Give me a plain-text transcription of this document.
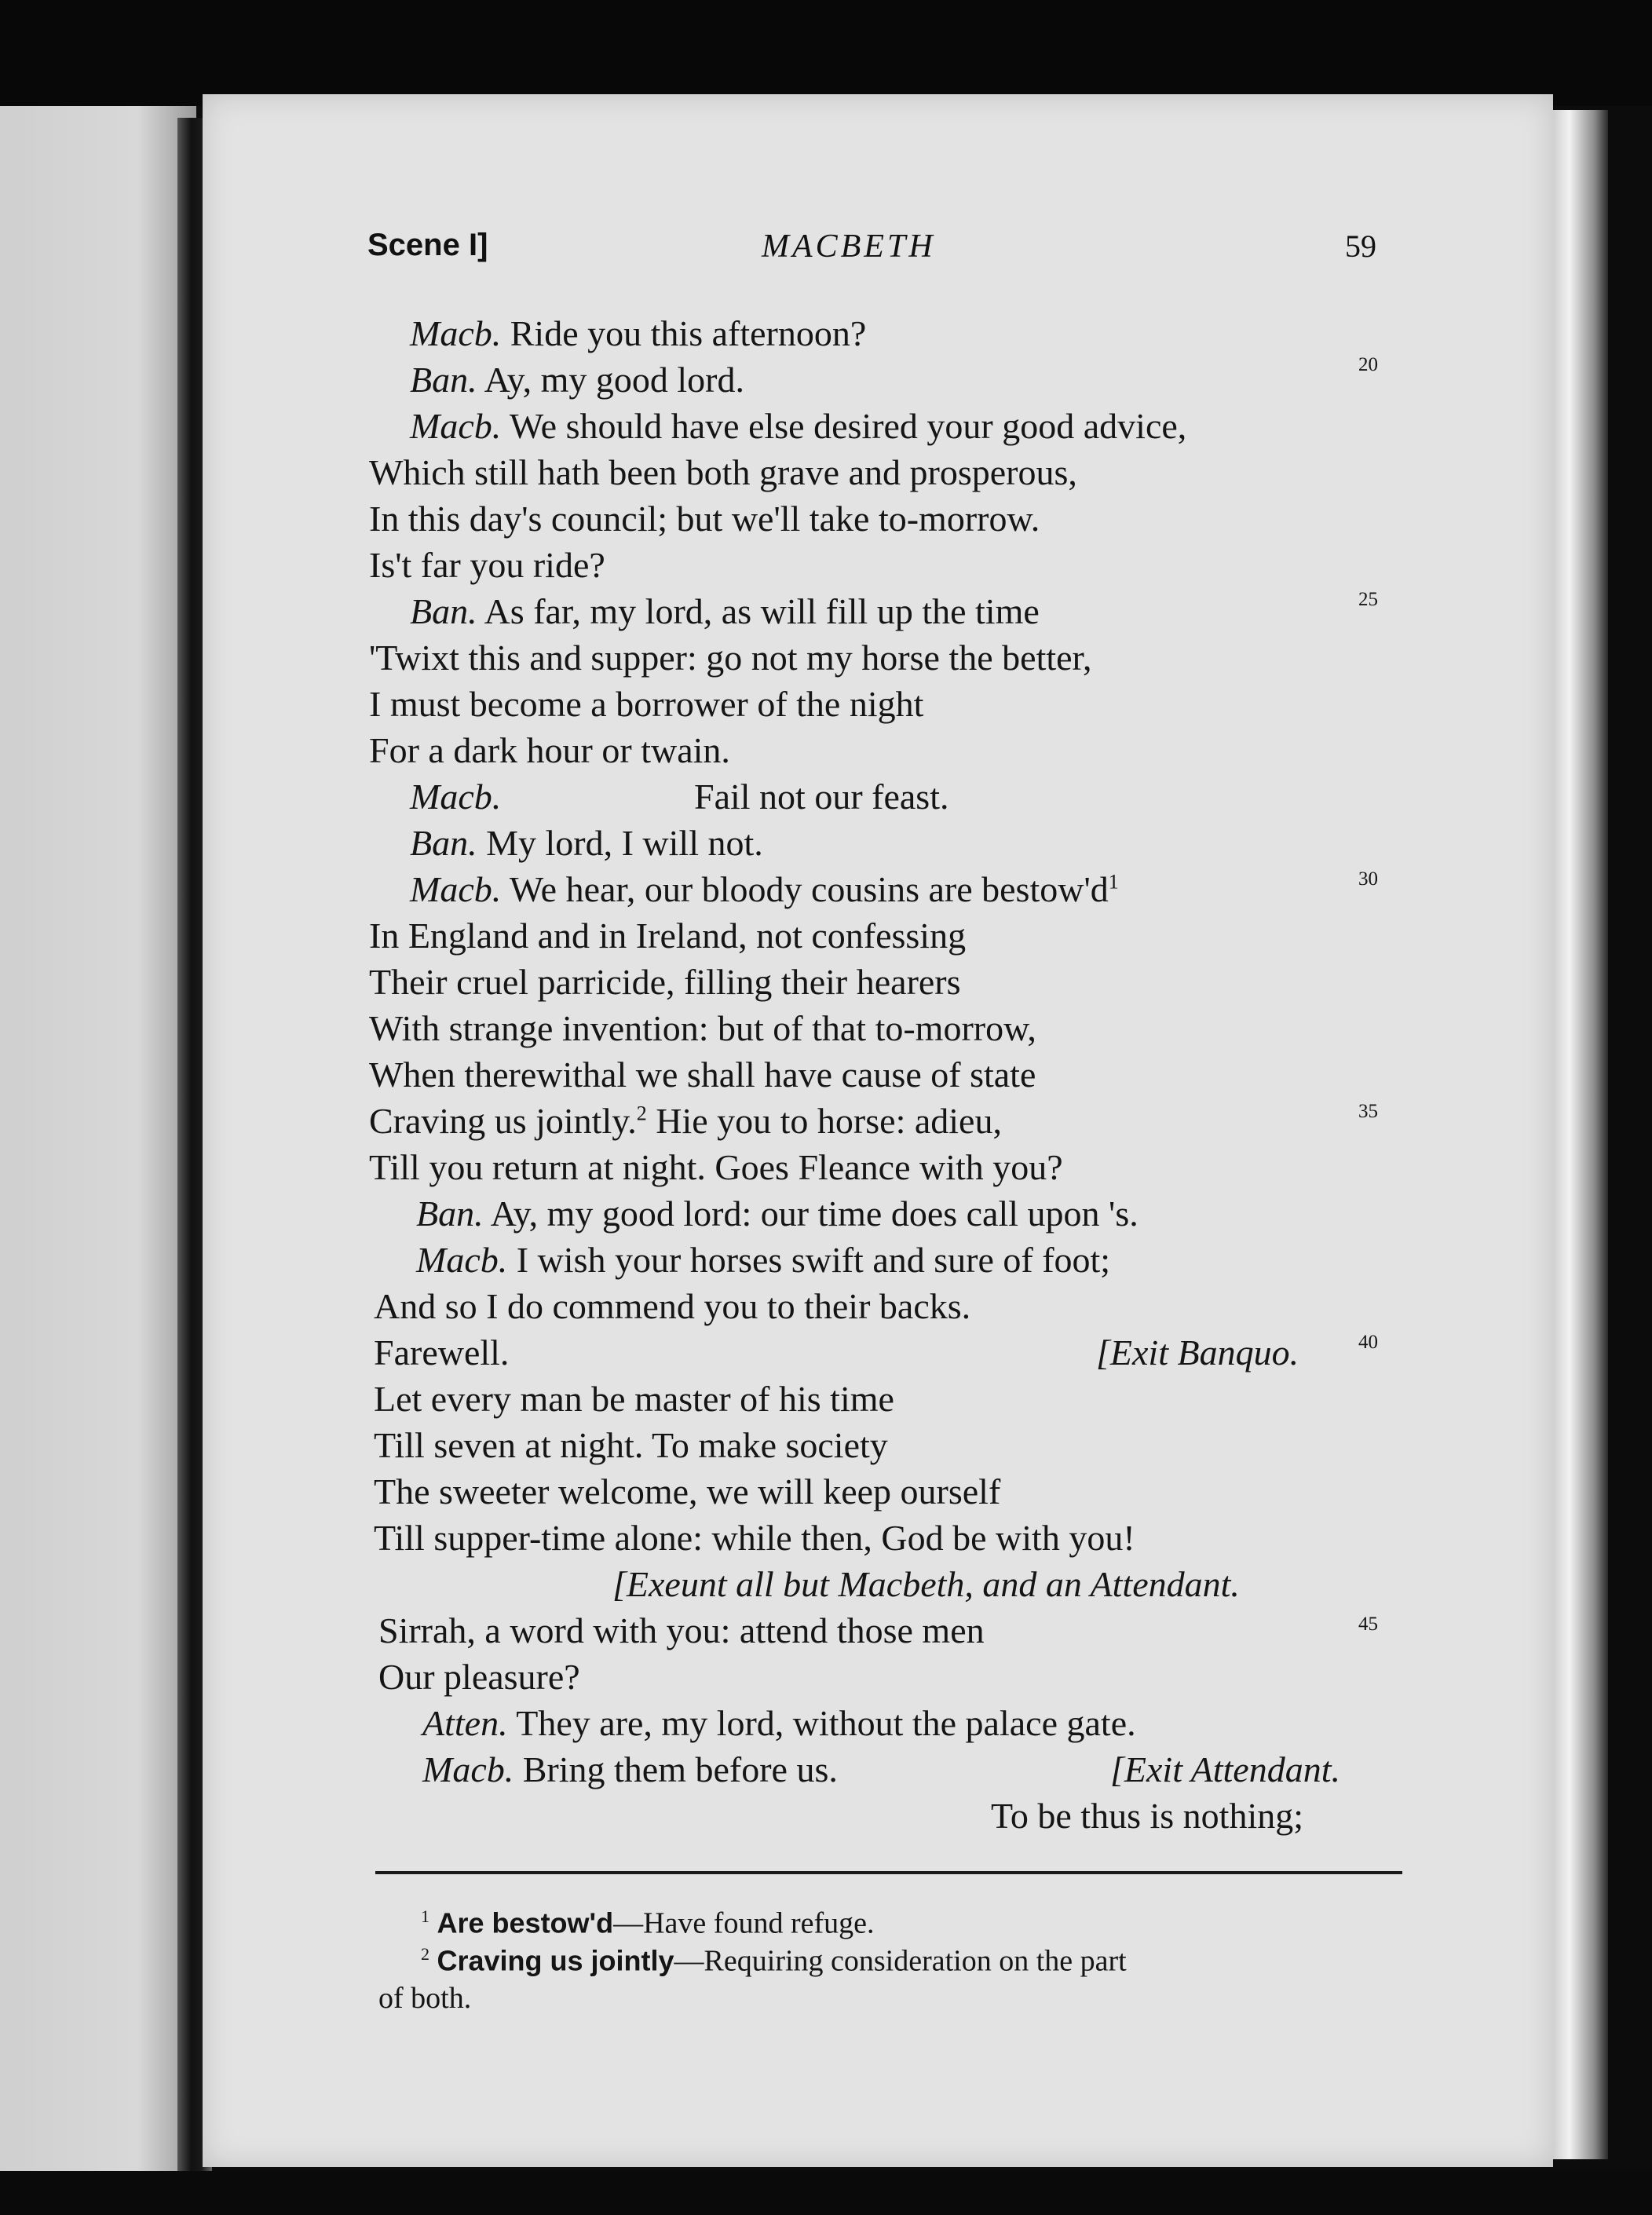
Scene I]	MACBETH	59
Macb. Ride you this afternoon?
Ban. Ay, my good lord.
Macb. We should have else desired your good advice,
Which still hath been both grave and prosperous,
In this day's council; but we'll take to-morrow.
Is't far you ride?
Ban. As far, my lord, as will fill up the time
'Twixt this and supper: go not my horse the better,
I must become a borrower of the night
For a dark hour or twain.
Macb.	Fail not our feast.
Ban. My lord, I will not.
Macb. We hear, our bloody cousins are $bestow'd^1$
In England and in Ireland, not confessing
Their cruel parricide, filling their hearers
With strange invention: but of that to-morrow,
When therewithal we shall have cause of state
Craving us jointly.$^2$ Hie you to horse: adieu,
Till you return at night. Goes Fleance with you?
Ban. Ay, my good lord: our time does call upon 's.
Macb. I wish your horses swift and sure of foot;
And so I do commend you to their backs.
Farewell.	[Exit Banquo.
Let every man be master of his time
Till seven at night. To make society
The sweeter welcome, we will keep ourself
Till supper-time alone: while then, God be with you!
[Exeunt all but Macbeth, and an Attendant.
Sirrah, a word with you: attend those men
Our pleasure?
Atten. They are, my lord, without the palace gate.
Macb. Bring them before us.	[Exit Attendant.
To be thus is nothing;
20
25
30
35
40
45
$^1$ Are bestow'd—Have found refuge.
$^2$ Craving us jointly—Requiring consideration on the part
of both.
